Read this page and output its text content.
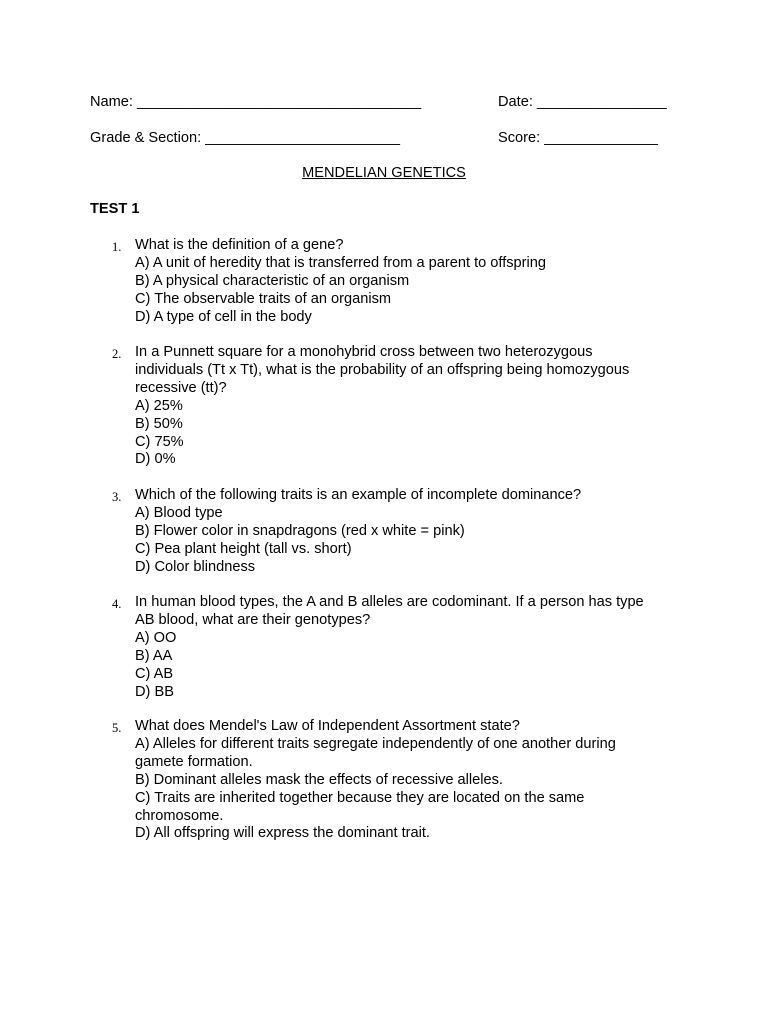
Name: ___________________________________	Date: ________________
Grade & Section: ________________________	Score: ______________
MENDELIAN GENETICS
TEST 1
1. What is the definition of a gene?
A) A unit of heredity that is transferred from a parent to offspring
B) A physical characteristic of an organism
C) The observable traits of an organism
D) A type of cell in the body
2. In a Punnett square for a monohybrid cross between two heterozygous
individuals (Tt x Tt), what is the probability of an offspring being homozygous
recessive (tt)?
A) 25%
B) 50%
C) 75%
D) 0%
3. Which of the following traits is an example of incomplete dominance?
A) Blood type
B) Flower color in snapdragons (red x white = pink)
C) Pea plant height (tall vs. short)
D) Color blindness
4. In human blood types, the A and B alleles are codominant. If a person has type
AB blood, what are their genotypes?
A) OO
B) AA
C) AB
D) BB
5. What does Mendel's Law of Independent Assortment state?
A) Alleles for different traits segregate independently of one another during
gamete formation.
B) Dominant alleles mask the effects of recessive alleles.
C) Traits are inherited together because they are located on the same
chromosome.
D) All offspring will express the dominant trait.
